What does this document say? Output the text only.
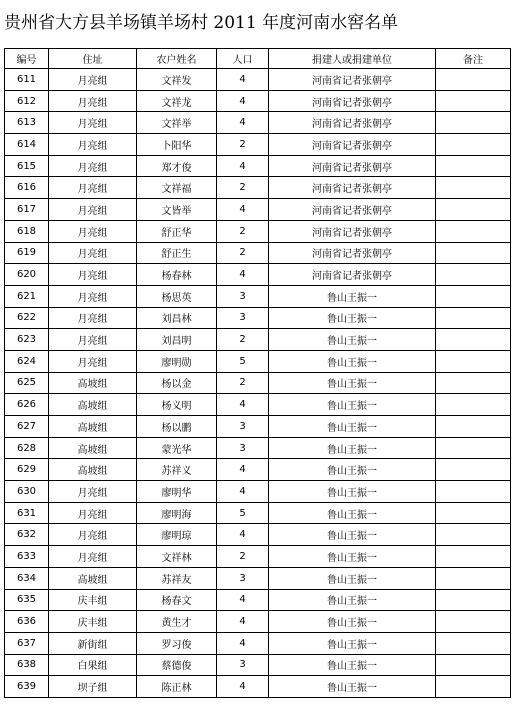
贵州省大方县羊场镇羊场村 2011 年度河南水窖名单
编号	住址	农户姓名	人口	捐建人或捐建单位	备注
611	月亮组	文祥发	4	河南省记者张朝亭	
612	月亮组	文祥龙	4	河南省记者张朝亭	
613	月亮组	文祥举	4	河南省记者张朝亭	
614	月亮组	卜阳华	2	河南省记者张朝亭	
615	月亮组	郑才俊	4	河南省记者张朝亭	
616	月亮组	文祥福	2	河南省记者张朝亭	
617	月亮组	文皆举	4	河南省记者张朝亭	
618	月亮组	舒正华	2	河南省记者张朝亭	
619	月亮组	舒正生	2	河南省记者张朝亭	
620	月亮组	杨春林	4	河南省记者张朝亭	
621	月亮组	杨思英	3	鲁山王振一	
622	月亮组	刘昌林	3	鲁山王振一	
623	月亮组	刘昌明	2	鲁山王振一	
624	月亮组	廖明勋	5	鲁山王振一	
625	高坡组	杨以金	2	鲁山王振一	
626	高坡组	杨义明	4	鲁山王振一	
627	高坡组	杨以鹏	3	鲁山王振一	
628	高坡组	蒙光华	3	鲁山王振一	
629	高坡组	苏祥义	4	鲁山王振一	
630	月亮组	廖明华	4	鲁山王振一	
631	月亮组	廖明海	5	鲁山王振一	
632	月亮组	廖明琼	4	鲁山王振一	
633	月亮组	文祥林	2	鲁山王振一	
634	高坡组	苏祥友	3	鲁山王振一	
635	庆丰组	杨春文	4	鲁山王振一	
636	庆丰组	黄生才	4	鲁山王振一	
637	新街组	罗习俊	4	鲁山王振一	
638	白果组	蔡德俊	3	鲁山王振一	
639	坝子组	陈正林	4	鲁山王振一	
